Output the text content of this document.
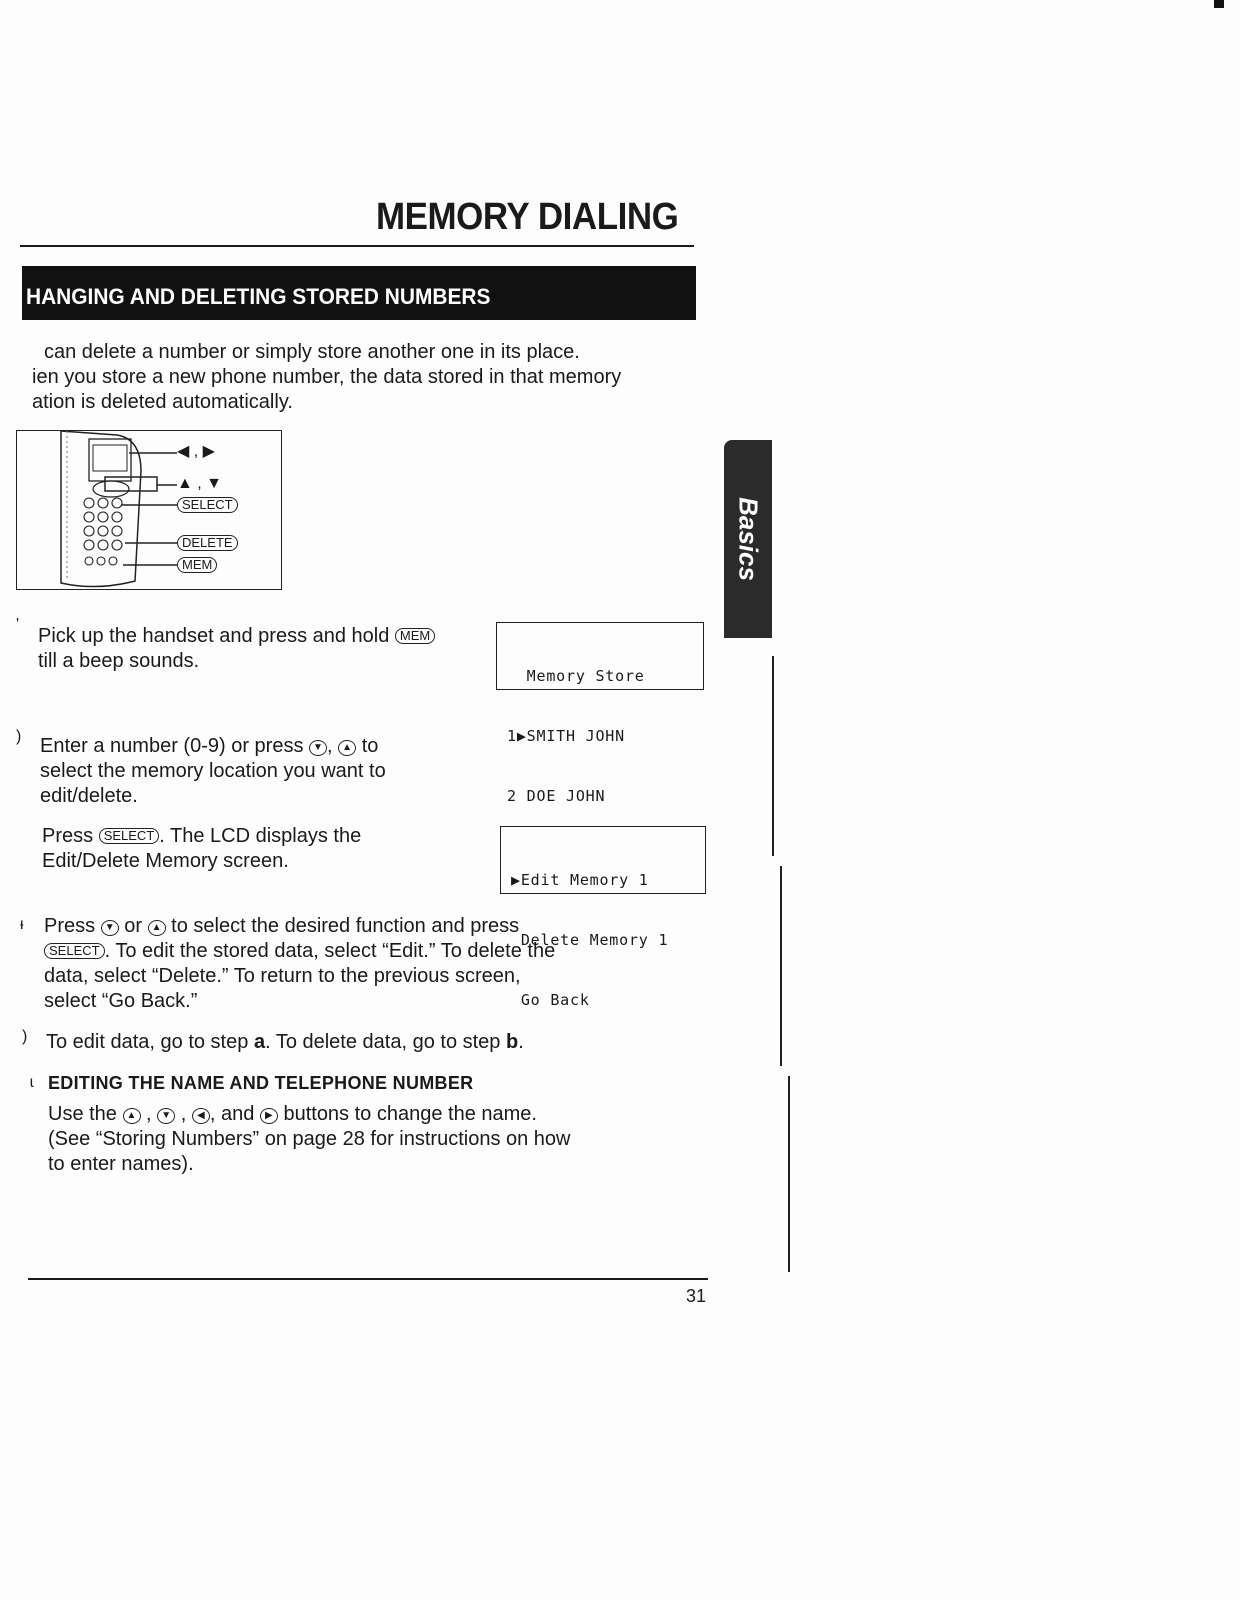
MEMORY DIALING
HANGING AND DELETING STORED NUMBERS
can delete a number or simply store another one in its place.
ien you store a new phone number, the data stored in that memory
ation is deleted automatically.
◀ , ▶
▲ , ▼
SELECT
DELETE
MEM	Basics
'
Pick up the handset and press and hold MEM
till a beep sounds.

Memory Store

1▶SMITH JOHN

2 DOE JOHN

) Enter a number (0-9) or press ▼ , ▲ to
select the memory location you want to
edit/delete.
Press SELECT . The LCD displays the
Edit/Delete Memory screen.

▶Edit Memory 1

Delete Memory 1

Go Back

ᵻ Press ▼ or ▲ to select the desired function and press
SELECT . To edit the stored data, select “Edit.” To delete the
data, select “Delete.” To return to the previous screen,
select “Go Back.”
) To edit data, go to step a. To delete data, go to step b.
ɩ EDITING THE NAME AND TELEPHONE NUMBER
Use the ▲ , ▼ , ◀ , and ▶ buttons to change the name.
(See “Storing Numbers” on page 28 for instructions on how
to enter names).
31
